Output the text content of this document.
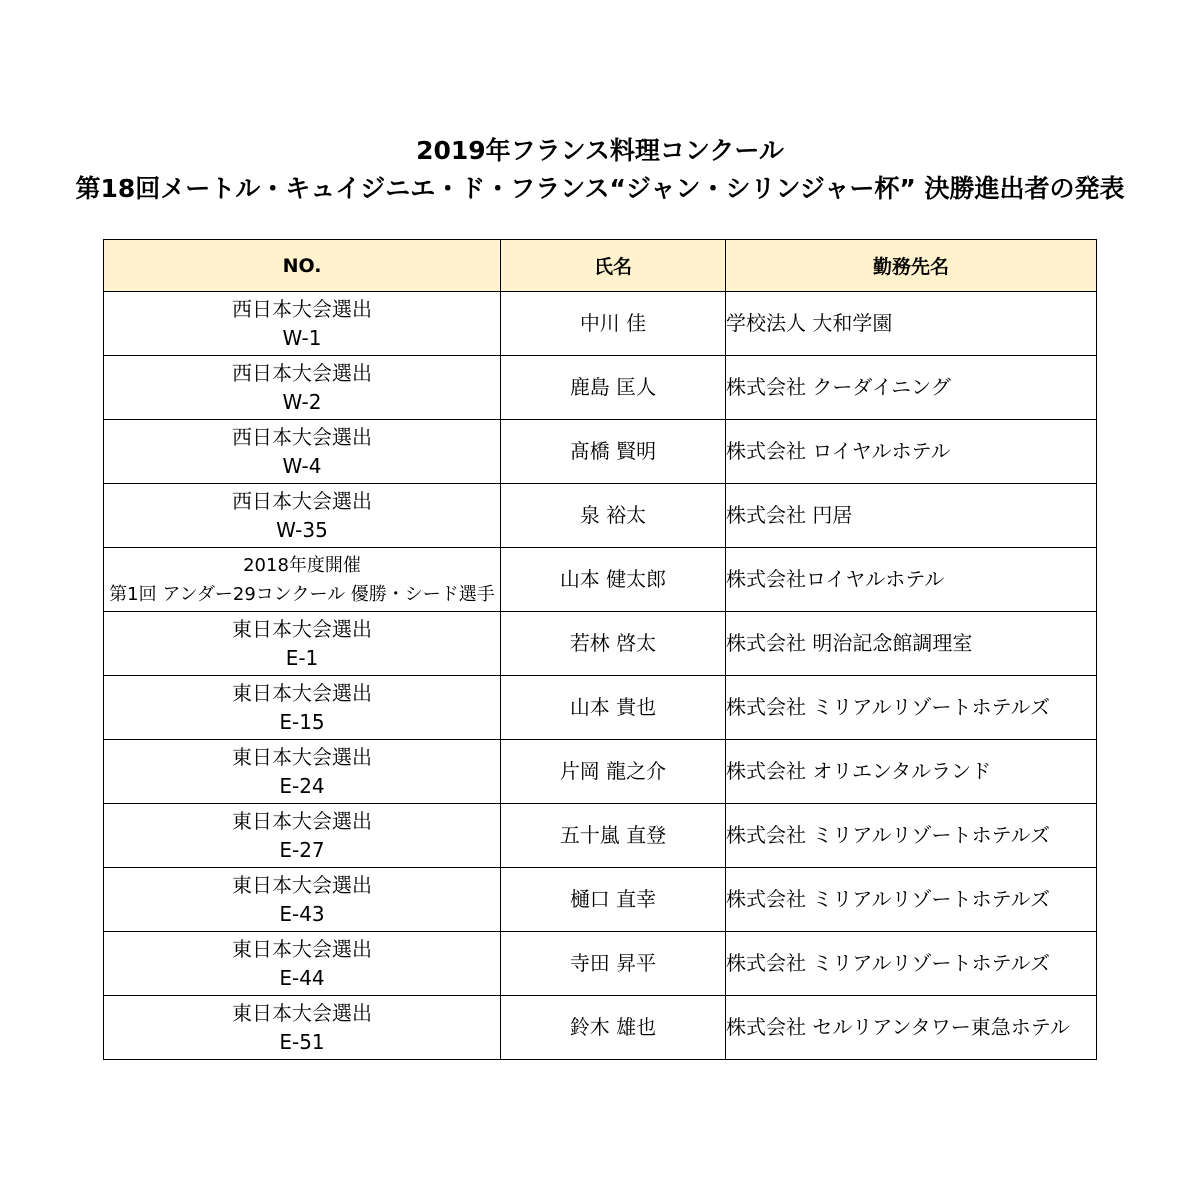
2019年フランス料理コンクール
第18回メートル・キュイジニエ・ド・フランス“ジャン・シリンジャー杯” 決勝進出者の発表
NO.	氏名	勤務先名

西日本大会選出
W-1	中川 佳	学校法人 大和学園

西日本大会選出
W-2	鹿島 匡人	株式会社 クーダイニング

西日本大会選出
W-4	髙橋 賢明	株式会社 ロイヤルホテル

西日本大会選出
W-35	泉 裕太	株式会社 円居

2018年度開催
第1回 アンダー29コンクール 優勝・シード選手	山本 健太郎	株式会社ロイヤルホテル

東日本大会選出
E-1	若林 啓太	株式会社 明治記念館調理室

東日本大会選出
E-15	山本 貴也	株式会社 ミリアルリゾートホテルズ

東日本大会選出
E-24	片岡 龍之介	株式会社 オリエンタルランド

東日本大会選出
E-27	五十嵐 直登	株式会社 ミリアルリゾートホテルズ

東日本大会選出
E-43	樋口 直幸	株式会社 ミリアルリゾートホテルズ

東日本大会選出
E-44	寺田 昇平	株式会社 ミリアルリゾートホテルズ

東日本大会選出
E-51	鈴木 雄也	株式会社 セルリアンタワー東急ホテル
